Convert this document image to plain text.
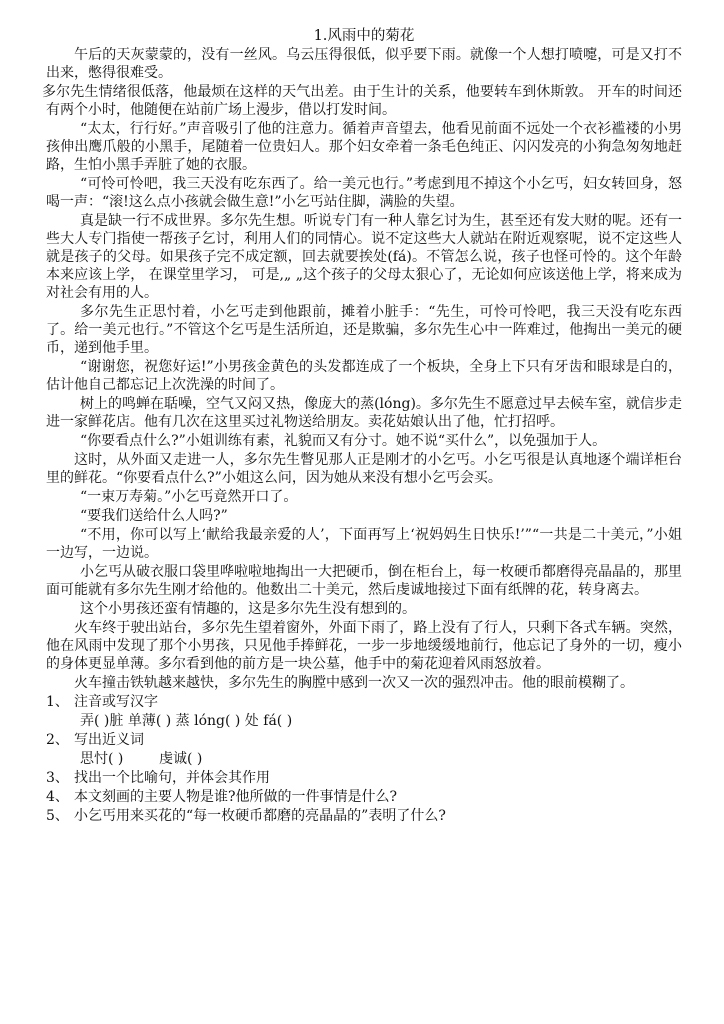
1.风雨中的菊花

午后的天灰蒙蒙的，没有一丝风。乌云压得很低，似乎要下雨。就像一个人想打喷嚏，可是又打不出来，憋得很难受。

多尔先生情绪很低落，他最烦在这样的天气出差。由于生计的关系，他要转车到休斯敦。 开车的时间还有两个小时，他随便在站前广场上漫步，借以打发时间。

“太太，行行好。”声音吸引了他的注意力。循着声音望去，他看见前面不远处一个衣衫褴褛的小男孩伸出鹰爪般的小黑手，尾随着一位贵妇人。那个妇女牵着一条毛色纯正、闪闪发亮的小狗急匆匆地赶路，生怕小黑手弄脏了她的衣服。

“可怜可怜吧，我三天没有吃东西了。给一美元也行。”考虑到甩不掉这个小乞丐，妇女转回身，怒喝一声：“滚!这么点小孩就会做生意!”小乞丐站住脚，满脸的失望。

真是缺一行不成世界。多尔先生想。听说专门有一种人靠乞讨为生，甚至还有发大财的呢。还有一些大人专门指使一帮孩子乞讨，利用人们的同情心。说不定这些大人就站在附近观察呢，说不定这些人就是孩子的父母。如果孩子完不成定额，回去就要挨处(fá)。不管怎么说，孩子也怪可怜的。这个年龄本来应该上学， 在课堂里学习， 可是,„ „这个孩子的父母太狠心了，无论如何应该送他上学，将来成为对社会有用的人。

多尔先生正思忖着，小乞丐走到他跟前，摊着小脏手：“先生，可怜可怜吧，我三天没有吃东西了。给一美元也行。”不管这个乞丐是生活所迫，还是欺骗，多尔先生心中一阵难过，他掏出一美元的硬币，递到他手里。

“谢谢您，祝您好运!”小男孩金黄色的头发都连成了一个板块，全身上下只有牙齿和眼球是白的，估计他自己都忘记上次洗澡的时间了。

树上的鸣蝉在聒噪，空气又闷又热，像庞大的蒸(lóng)。多尔先生不愿意过早去候车室，就信步走进一家鲜花店。他有几次在这里买过礼物送给朋友。卖花姑娘认出了他，忙打招呼。

“你要看点什么?”小姐训练有素，礼貌而又有分寸。她不说“买什么”，以免强加于人。

这时，从外面又走进一人，多尔先生瞥见那人正是刚才的小乞丐。小乞丐很是认真地逐个端详柜台里的鲜花。“你要看点什么?”小姐这么问，因为她从来没有想小乞丐会买。

“一束万寿菊。”小乞丐竟然开口了。

“要我们送给什么人吗?”

“不用，你可以写上‘献给我最亲爱的人’，下面再写上‘祝妈妈生日快乐!’”“一共是二十美元，”小姐一边写，一边说。

小乞丐从破衣服口袋里哗啦啦地掏出一大把硬币，倒在柜台上，每一枚硬币都磨得亮晶晶的，那里面可能就有多尔先生刚才给他的。他数出二十美元，然后虔诚地接过下面有纸牌的花，转身离去。

这个小男孩还蛮有情趣的，这是多尔先生没有想到的。

火车终于驶出站台，多尔先生望着窗外，外面下雨了，路上没有了行人，只剩下各式车辆。突然，他在风雨中发现了那个小男孩，只见他手捧鲜花，一步一步地缓缓地前行，他忘记了身外的一切，瘦小的身体更显单薄。多尔看到他的前方是一块公墓，他手中的菊花迎着风雨怒放着。

火车撞击铁轨越来越快，多尔先生的胸膛中感到一次又一次的强烈冲击。他的眼前模糊了。

1、 注音或写汉字
弄( )脏 单薄( ) 蒸 lóng( ) 处 fá( )
2、 写出近义词
思忖( )        虔诚( )
3、 找出一个比喻句，并体会其作用
4、 本文刻画的主要人物是谁?他所做的一件事情是什么?
5、 小乞丐用来买花的“每一枚硬币都磨的亮晶晶的”表明了什么?
